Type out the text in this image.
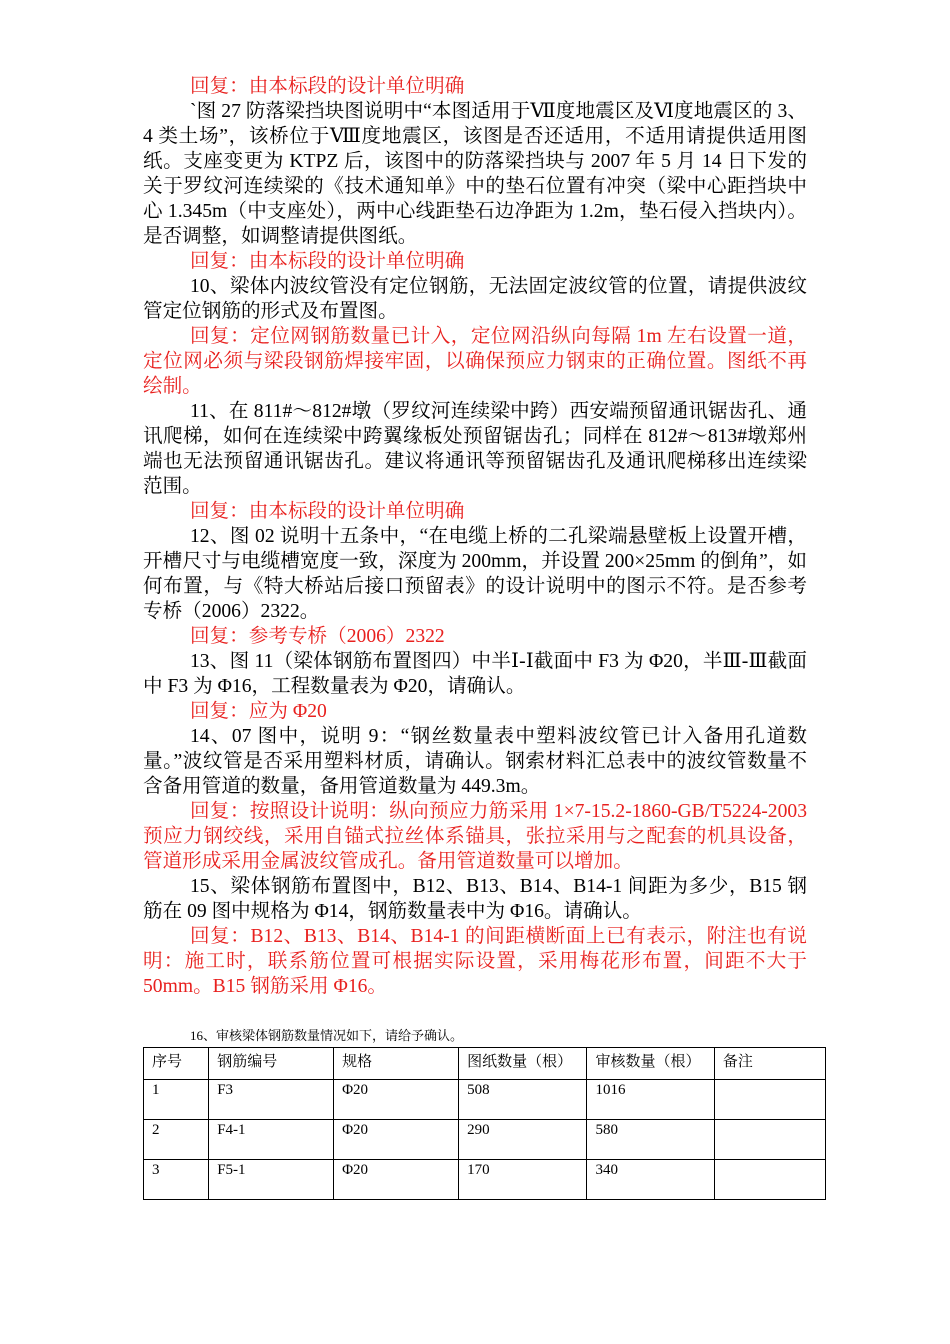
回复：由本标段的设计单位明确

`图 27 防落梁挡块图说明中“本图适用于Ⅶ度地震区及Ⅵ度地震区的 3、4 类土场”，该桥位于Ⅷ度地震区，该图是否还适用，不适用请提供适用图纸。支座变更为 KTPZ 后，该图中的防落梁挡块与 2007 年 5 月 14 日下发的关于罗纹河连续梁的《技术通知单》中的垫石位置有冲突（梁中心距挡块中心 1.345m（中支座处），两中心线距垫石边净距为 1.2m，垫石侵入挡块内）。是否调整，如调整请提供图纸。

回复：由本标段的设计单位明确

10、梁体内波纹管没有定位钢筋，无法固定波纹管的位置，请提供波纹管定位钢筋的形式及布置图。

回复：定位网钢筋数量已计入，定位网沿纵向每隔 1m 左右设置一道，定位网必须与梁段钢筋焊接牢固，以确保预应力钢束的正确位置。图纸不再绘制。

11、在 811#～812#墩（罗纹河连续梁中跨）西安端预留通讯锯齿孔、通讯爬梯，如何在连续梁中跨翼缘板处预留锯齿孔；同样在 812#～813#墩郑州端也无法预留通讯锯齿孔。建议将通讯等预留锯齿孔及通讯爬梯移出连续梁范围。

回复：由本标段的设计单位明确

12、图 02 说明十五条中，“在电缆上桥的二孔梁端悬壁板上设置开槽，开槽尺寸与电缆槽宽度一致，深度为 200mm，并设置 200×25mm 的倒角”，如何布置，与《特大桥站后接口预留表》的设计说明中的图示不符。是否参考专桥（2006）2322。

回复：参考专桥（2006）2322

13、图 11（梁体钢筋布置图四）中半Ⅰ-Ⅰ截面中 F3 为 Φ20，半Ⅲ-Ⅲ截面中 F3 为 Φ16，工程数量表为 Φ20，请确认。

回复：应为 Φ20

14、07 图中，说明 9：“钢丝数量表中塑料波纹管已计入备用孔道数量。”波纹管是否采用塑料材质，请确认。钢索材料汇总表中的波纹管数量不含备用管道的数量，备用管道数量为 449.3m。

回复：按照设计说明：纵向预应力筋采用 1×7-15.2-1860-GB/T5224-2003 预应力钢绞线，采用自锚式拉丝体系锚具，张拉采用与之配套的机具设备，管道形成采用金属波纹管成孔。备用管道数量可以增加。

15、梁体钢筋布置图中，B12、B13、B14、B14-1 间距为多少，B15 钢筋在 09 图中规格为 Φ14，钢筋数量表中为 Φ16。请确认。

回复：B12、B13、B14、B14-1 的间距横断面上已有表示，附注也有说明：施工时，联系筋位置可根据实际设置，采用梅花形布置，间距不大于 50mm。B15 钢筋采用 Φ16。

16、审核梁体钢筋数量情况如下，请给予确认。
序号	钢筋编号	规格	图纸数量（根）	审核数量（根）	备注
1	F3	Φ20	508	1016	
2	F4-1	Φ20	290	580	
3	F5-1	Φ20	170	340	
